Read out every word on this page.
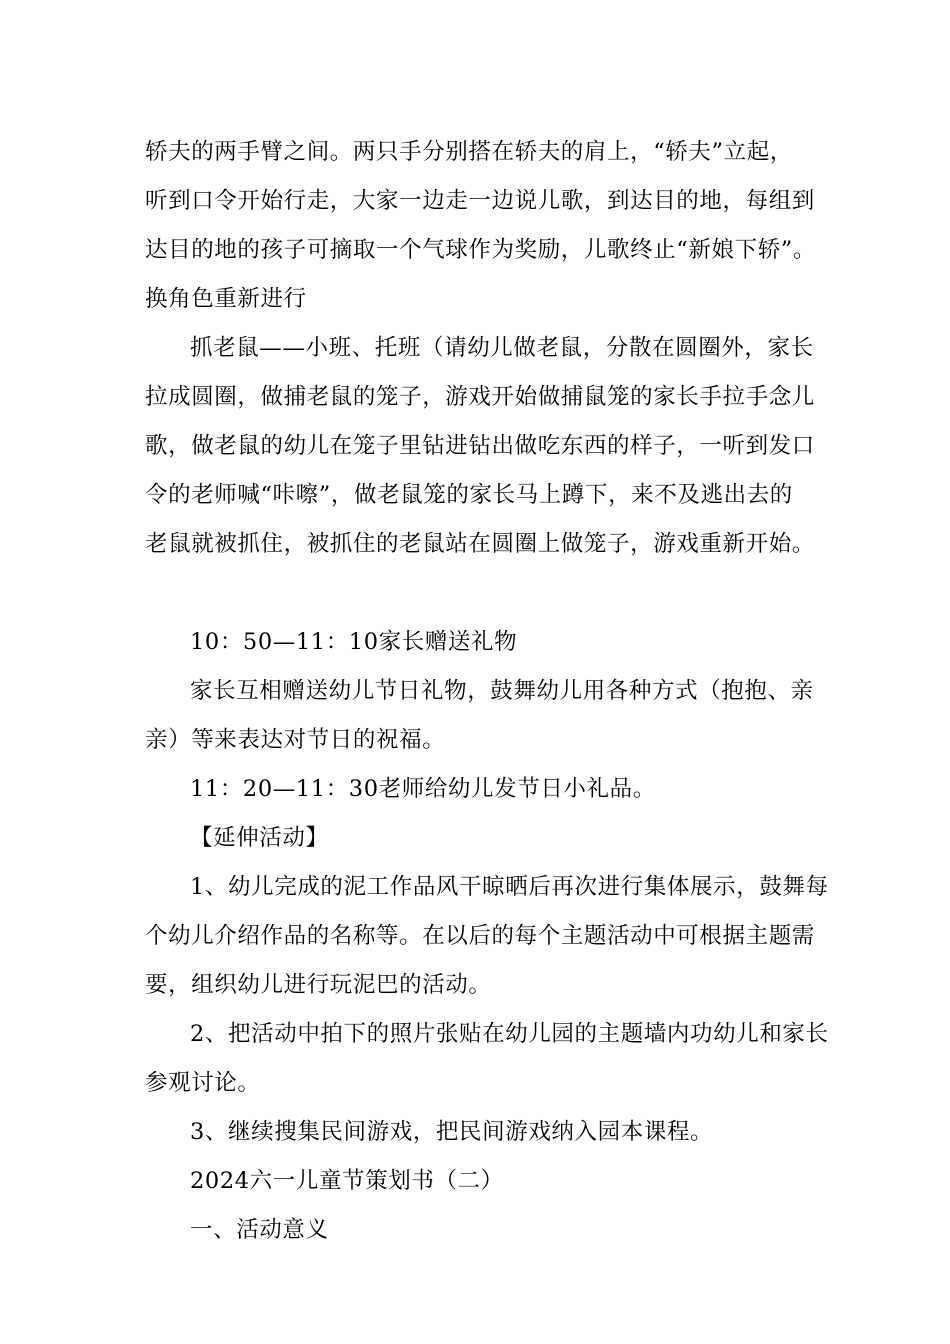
轿夫的两手臂之间。两只手分别搭在轿夫的肩上，“轿夫”立起，
听到口令开始行走，大家一边走一边说儿歌，到达目的地，每组到
达目的地的孩子可摘取一个气球作为奖励，儿歌终止“新娘下轿”。
换角色重新进行
抓老鼠——小班、托班（请幼儿做老鼠，分散在圆圈外，家长
拉成圆圈，做捕老鼠的笼子，游戏开始做捕鼠笼的家长手拉手念儿
歌，做老鼠的幼儿在笼子里钻进钻出做吃东西的样子，一听到发口
令的老师喊“咔嚓”，做老鼠笼的家长马上蹲下，来不及逃出去的
老鼠就被抓住，被抓住的老鼠站在圆圈上做笼子，游戏重新开始。
10：50—11：10家长赠送礼物
家长互相赠送幼儿节日礼物，鼓舞幼儿用各种方式（抱抱、亲
亲）等来表达对节日的祝福。
11：20—11：30老师给幼儿发节日小礼品。
【延伸活动】
1、幼儿完成的泥工作品风干晾晒后再次进行集体展示，鼓舞每
个幼儿介绍作品的名称等。在以后的每个主题活动中可根据主题需
要，组织幼儿进行玩泥巴的活动。
2、把活动中拍下的照片张贴在幼儿园的主题墙内功幼儿和家长
参观讨论。
3、继续搜集民间游戏，把民间游戏纳入园本课程。
2024六一儿童节策划书（二）
一、活动意义
